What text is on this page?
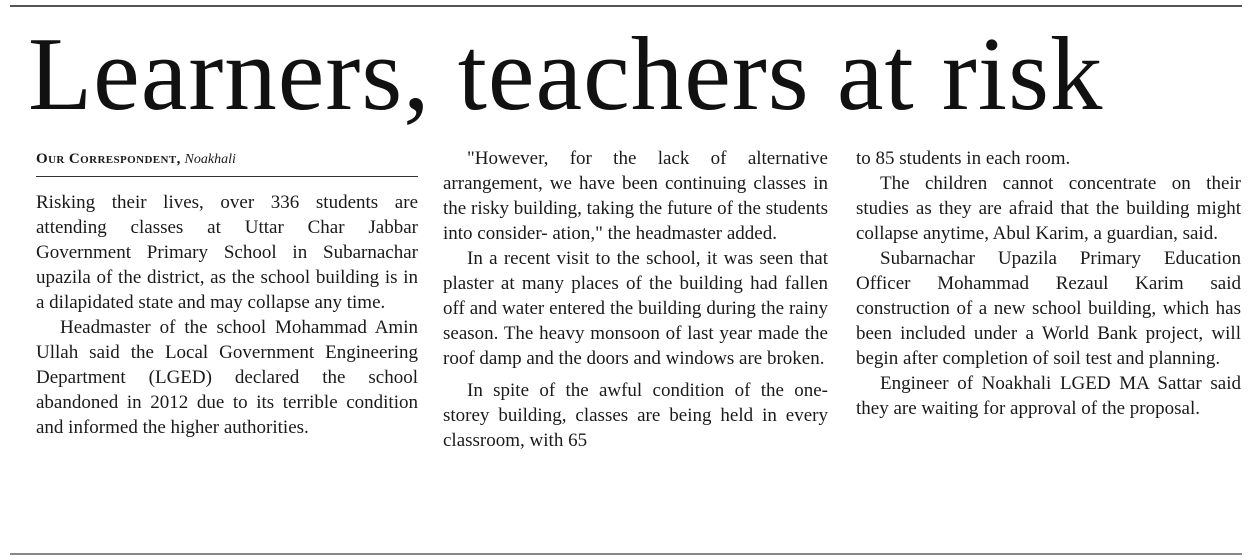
Learners, teachers at risk
Our Correspondent, Noakhali

Risking their lives, over 336 students are attending classes at Uttar Char Jabbar Government Primary School in Subarnachar upazila of the district, as the school building is in a dilapidated state and may collapse any time.

Headmaster of the school Mohammad Amin Ullah said the Local Government Engineering Department (LGED) declared the school abandoned in 2012 due to its terrible condition and informed the higher authorities.

"However, for the lack of alternative arrangement, we have been continuing classes in the risky building, taking the future of the students into consider- ation," the headmaster added.

In a recent visit to the school, it was seen that plaster at many places of the building had fallen off and water entered the building during the rainy season. The heavy monsoon of last year made the roof damp and the doors and windows are broken.

In spite of the awful condition of the one-storey building, classes are being held in every classroom, with 65

to 85 students in each room.

The children cannot concentrate on their studies as they are afraid that the building might collapse anytime, Abul Karim, a guardian, said.

Subarnachar Upazila Primary Education Officer Mohammad Rezaul Karim said construction of a new school building, which has been included under a World Bank project, will begin after completion of soil test and planning.

Engineer of Noakhali LGED MA Sattar said they are waiting for approval of the proposal.
